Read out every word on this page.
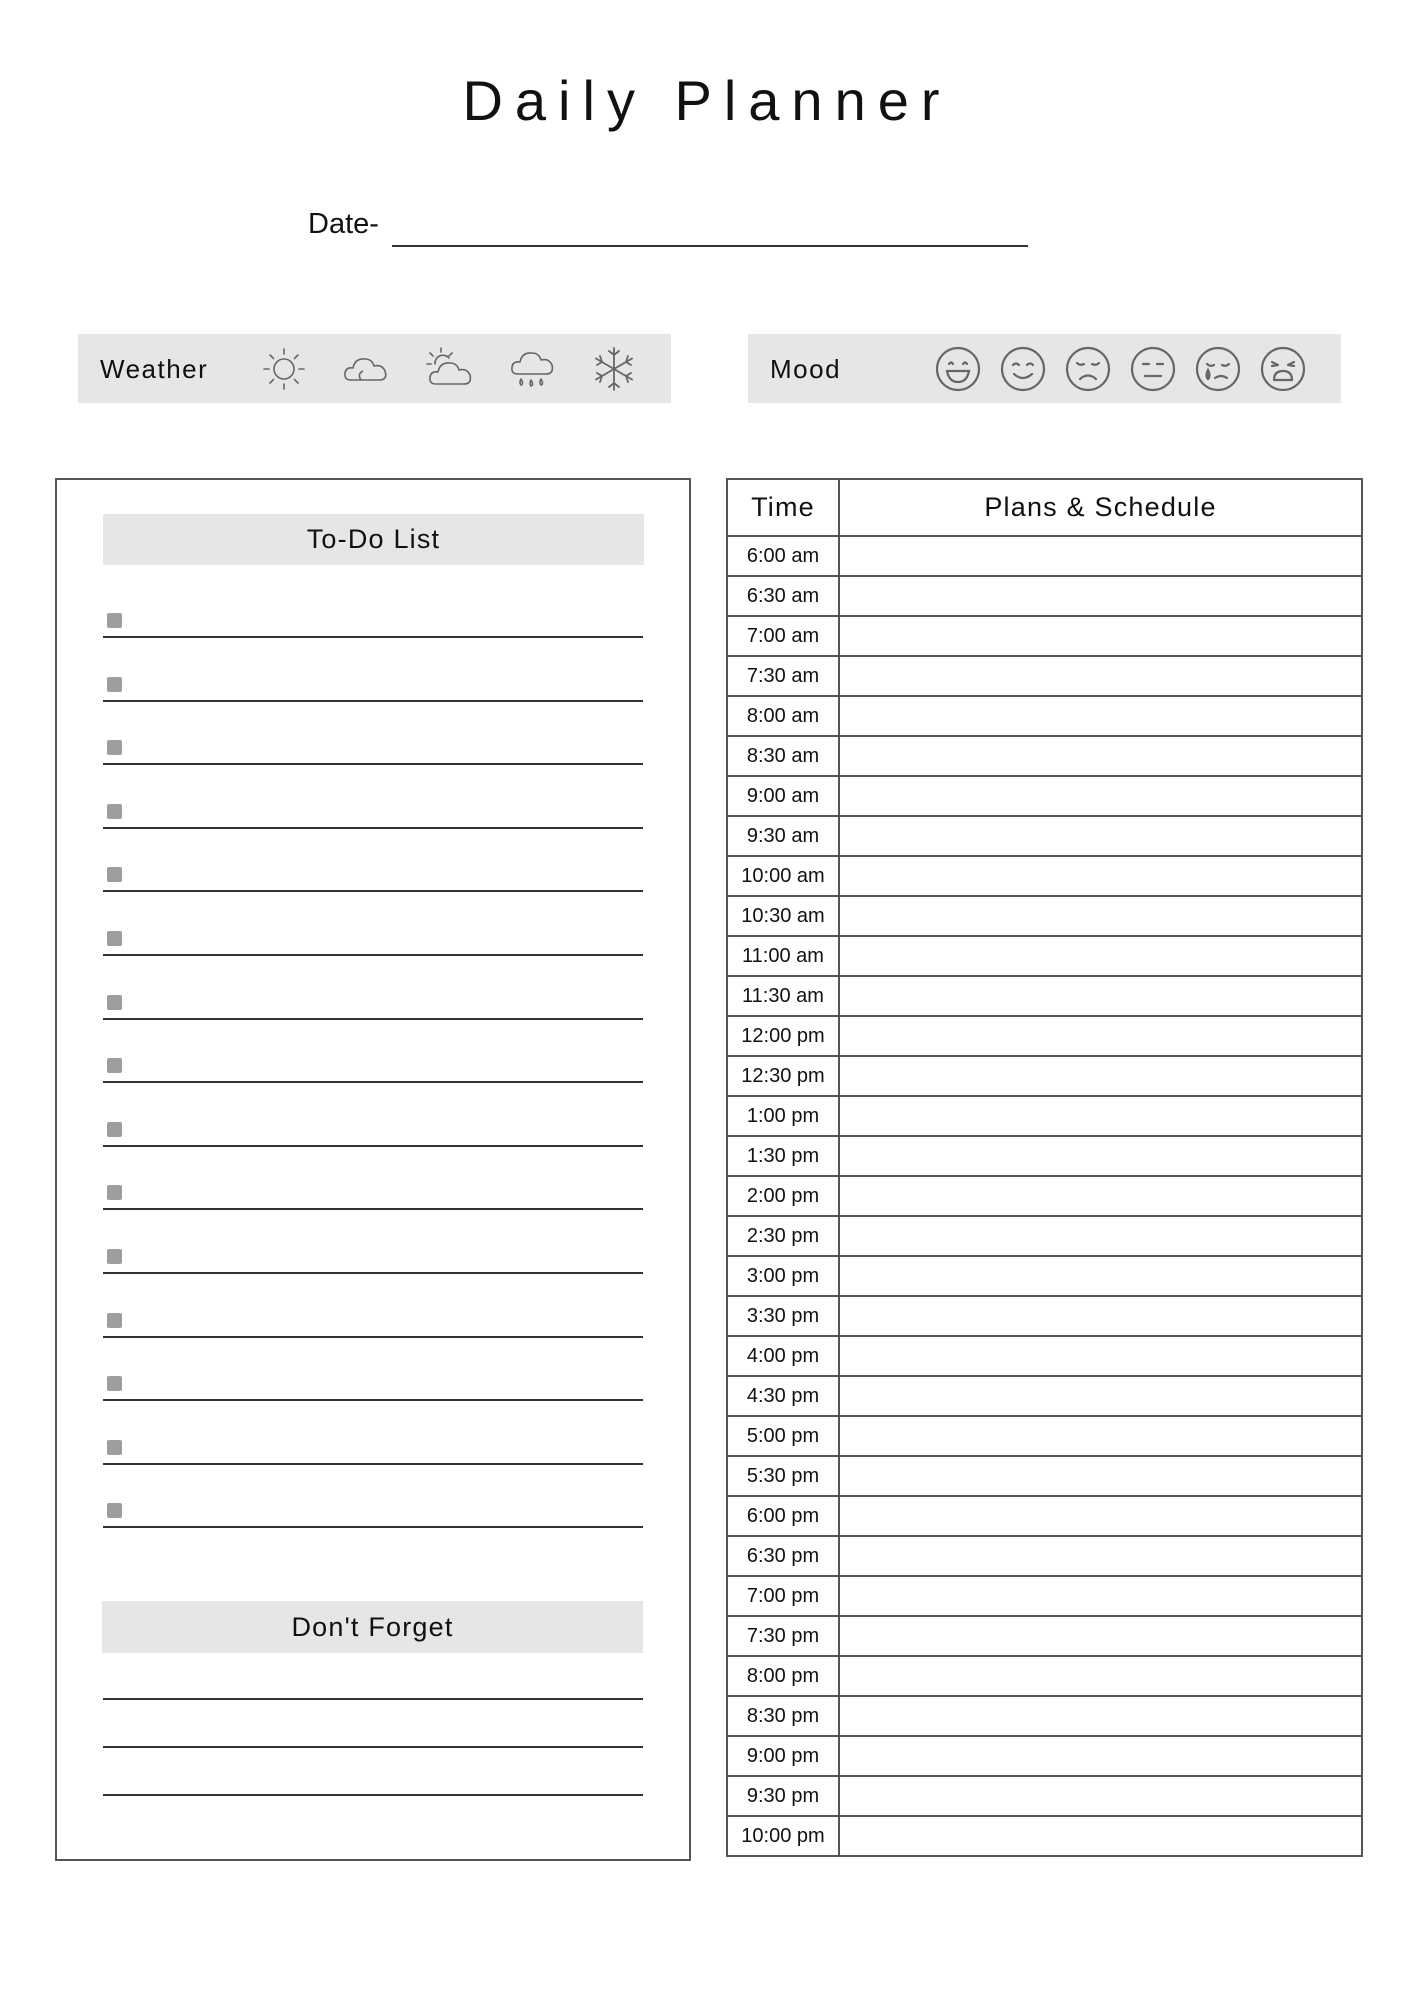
Daily Planner
Date-
Weather	Mood
To-Do List
Don't Forget
Time	Plans & Schedule
6:00 am	
6:30 am	
7:00 am	
7:30 am	
8:00 am	
8:30 am	
9:00 am	
9:30 am	
10:00 am	
10:30 am	
11:00 am	
11:30 am	
12:00 pm	
12:30 pm	
1:00 pm	
1:30 pm	
2:00 pm	
2:30 pm	
3:00 pm	
3:30 pm	
4:00 pm	
4:30 pm	
5:00 pm	
5:30 pm	
6:00 pm	
6:30 pm	
7:00 pm	
7:30 pm	
8:00 pm	
8:30 pm	
9:00 pm	
9:30 pm	
10:00 pm	
